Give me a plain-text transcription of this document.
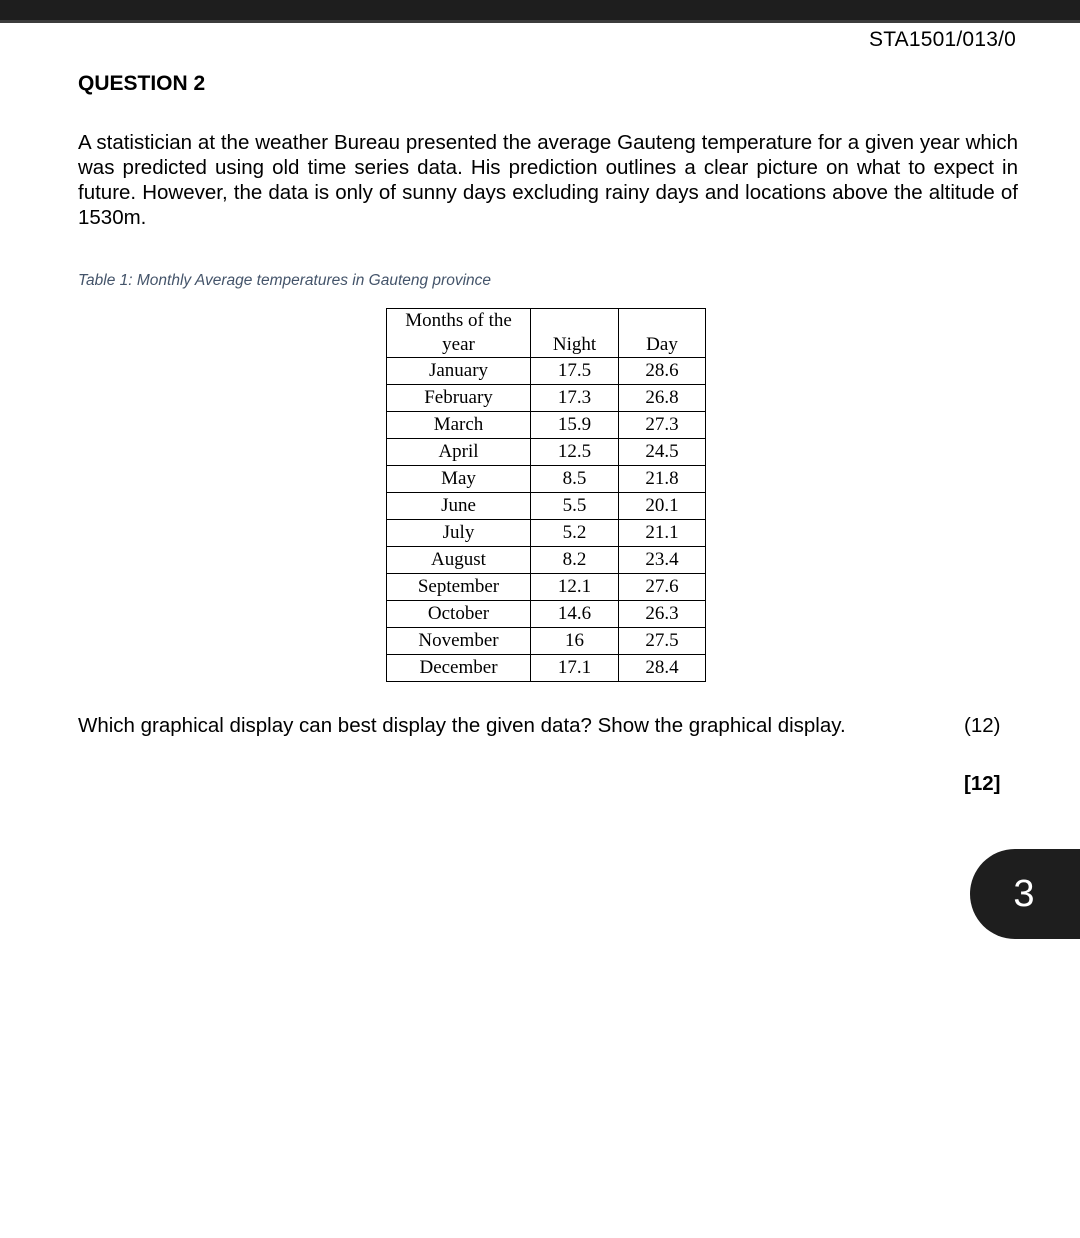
STA1501/013/0
QUESTION 2

A statistician at the weather Bureau presented the average Gauteng temperature for a given year which was predicted using old time series data. His prediction outlines a clear picture on what to expect in future. However, the data is only of sunny days excluding rainy days and locations above the altitude of 1530m.

Table 1: Monthly Average temperatures in Gauteng province
Months of the year	Night	Day
January	17.5	28.6
February	17.3	26.8
March	15.9	27.3
April	12.5	24.5
May	8.5	21.8
June	5.5	20.1
July	5.2	21.1
August	8.2	23.4
September	12.1	27.6
October	14.6	26.3
November	16	27.5
December	17.1	28.4
Which graphical display can best display the given data? Show the graphical display.	(12)
[12]
3
